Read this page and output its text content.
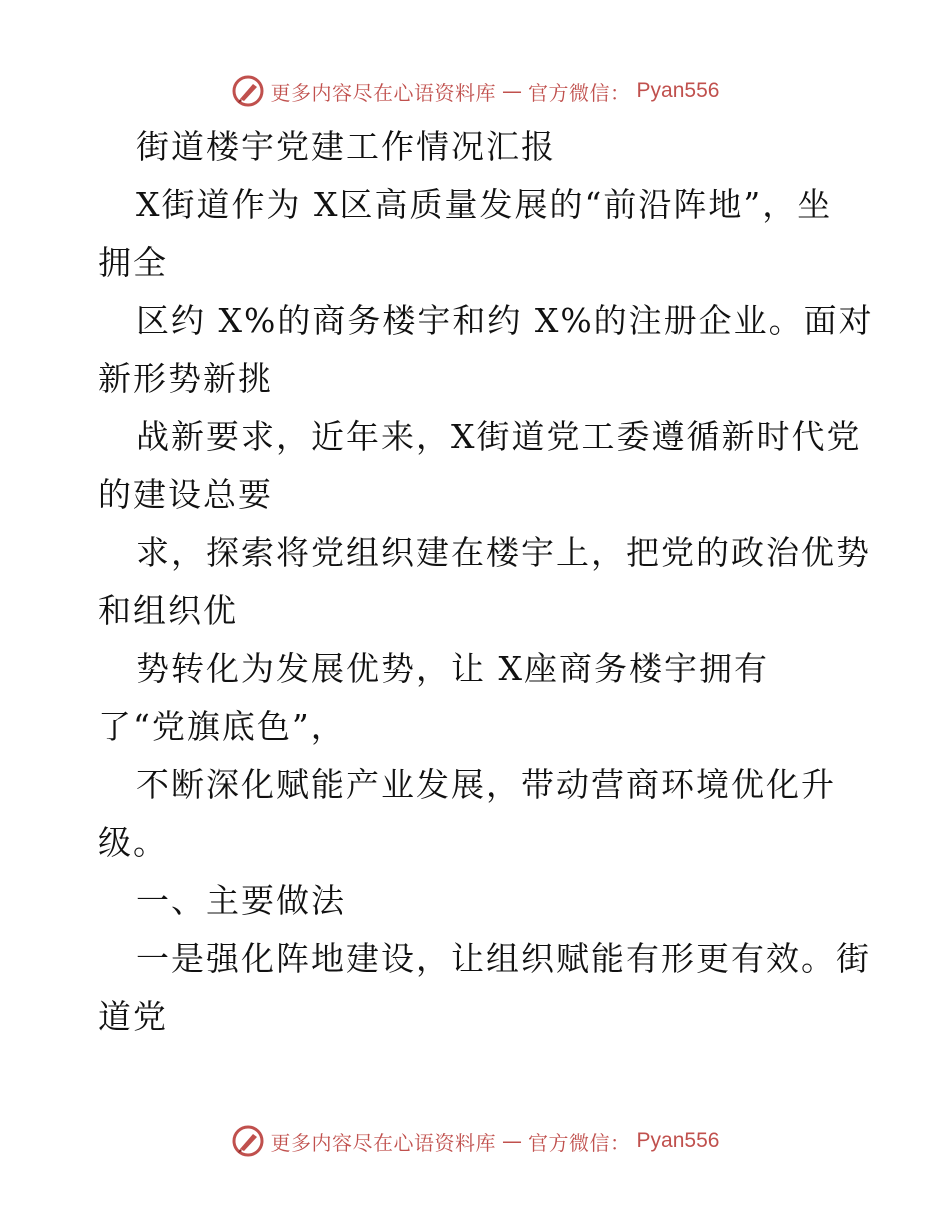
更多内容尽在心语资料库 — 官方微信： Pyan556
街道楼宇党建工作情况汇报
X街道作为 X区高质量发展的“前沿阵地”，坐
拥全
区约 X%的商务楼宇和约 X%的注册企业。面对
新形势新挑
战新要求，近年来，X街道党工委遵循新时代党
的建设总要
求，探索将党组织建在楼宇上，把党的政治优势
和组织优
势转化为发展优势，让 X座商务楼宇拥有
了“党旗底色”，
不断深化赋能产业发展，带动营商环境优化升
级。
一、主要做法
一是强化阵地建设，让组织赋能有形更有效。街
道党
更多内容尽在心语资料库 — 官方微信： Pyan556
